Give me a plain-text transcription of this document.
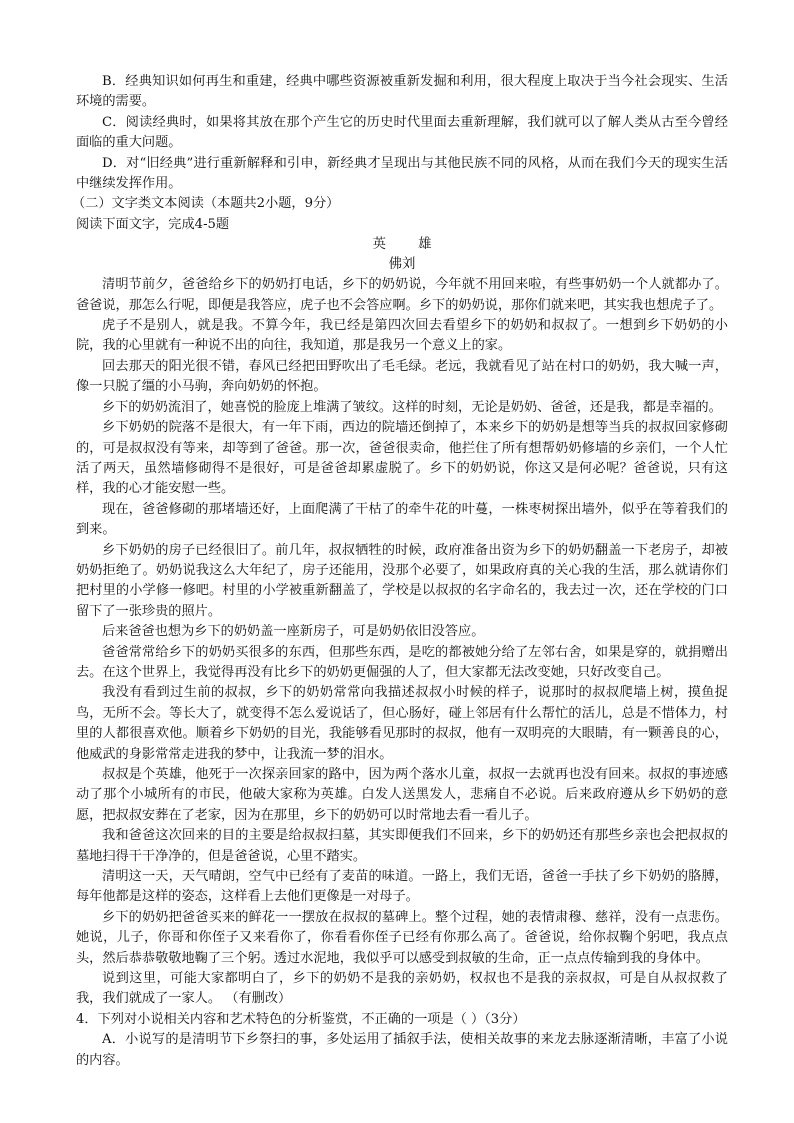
B．经典知识如何再生和重建，经典中哪些资源被重新发掘和利用，很大程度上取决于当今社会现实、生活环境的需要。

C．阅读经典时，如果将其放在那个产生它的历史时代里面去重新理解，我们就可以了解人类从古至今曾经面临的重大问题。

D．对“旧经典”进行重新解释和引申，新经典才呈现出与其他民族不同的风格，从而在我们今天的现实生活中继续发挥作用。

（二）文字类文本阅读（本题共2小题，9分）

阅读下面文字，完成4-5题

英 雄

佛刘

清明节前夕，爸爸给乡下的奶奶打电话，乡下的奶奶说，今年就不用回来啦，有些事奶奶一个人就都办了。爸爸说，那怎么行呢，即便是我答应，虎子也不会答应啊。乡下的奶奶说，那你们就来吧，其实我也想虎子了。

虎子不是别人，就是我。不算今年，我已经是第四次回去看望乡下的奶奶和叔叔了。一想到乡下奶奶的小院，我的心里就有一种说不出的向往，我知道，那是我另一个意义上的家。

回去那天的阳光很不错，春风已经把田野吹出了毛毛绿。老远，我就看见了站在村口的奶奶，我大喊一声，像一只脱了缰的小马驹，奔向奶奶的怀抱。

乡下的奶奶流泪了，她喜悦的脸庞上堆满了皱纹。这样的时刻，无论是奶奶、爸爸，还是我，都是幸福的。

乡下奶奶的院落不是很大，有一年下雨，西边的院墙还倒掉了，本来乡下的奶奶是想等当兵的叔叔回家修砌的，可是叔叔没有等来，却等到了爸爸。那一次，爸爸很卖命，他拦住了所有想帮奶奶修墙的乡亲们，一个人忙活了两天，虽然墙修砌得不是很好，可是爸爸却累虚脱了。乡下的奶奶说，你这又是何必呢？爸爸说，只有这样，我的心才能安慰一些。

现在，爸爸修砌的那堵墙还好，上面爬满了干枯了的牵牛花的叶蔓，一株枣树探出墙外，似乎在等着我们的到来。

乡下奶奶的房子已经很旧了。前几年，叔叔牺牲的时候，政府准备出资为乡下的奶奶翻盖一下老房子，却被奶奶拒绝了。奶奶说我这么大年纪了，房子还能用，没那个必要了，如果政府真的关心我的生活，那么就请你们把村里的小学修一修吧。村里的小学被重新翻盖了，学校是以叔叔的名字命名的，我去过一次，还在学校的门口留下了一张珍贵的照片。

后来爸爸也想为乡下的奶奶盖一座新房子，可是奶奶依旧没答应。

爸爸常常给乡下的奶奶买很多的东西，但那些东西，是吃的都被她分给了左邻右舍，如果是穿的，就捐赠出去。在这个世界上，我觉得再没有比乡下的奶奶更倔强的人了，但大家都无法改变她，只好改变自己。

我没有看到过生前的叔叔，乡下的奶奶常常向我描述叔叔小时候的样子，说那时的叔叔爬墙上树，摸鱼捉鸟，无所不会。等长大了，就变得不怎么爱说话了，但心肠好，碰上邻居有什么帮忙的活儿，总是不惜体力，村里的人都很喜欢他。顺着乡下奶奶的目光，我能够看见那时的叔叔，他有一双明亮的大眼睛，有一颗善良的心，他威武的身影常常走进我的梦中，让我流一梦的泪水。

叔叔是个英雄，他死于一次探亲回家的路中，因为两个落水儿童，叔叔一去就再也没有回来。叔叔的事迹感动了那个小城所有的市民，他破大家称为英雄。白发人送黑发人，悲痛自不必说。后来政府遵从乡下奶奶的意愿，把叔叔安葬在了老家，因为在那里，乡下的奶奶可以时常地去看一看儿子。

我和爸爸这次回来的目的主要是给叔叔扫墓，其实即便我们不回来，乡下的奶奶还有那些乡亲也会把叔叔的墓地扫得干干净净的，但是爸爸说，心里不踏实。

清明这一天，天气晴朗，空气中已经有了麦苗的味道。一路上，我们无语，爸爸一手扶了乡下奶奶的胳膊，每年他都是这样的姿态，这样看上去他们更像是一对母子。

乡下的奶奶把爸爸买来的鲜花一一摆放在叔叔的墓碑上。整个过程，她的表情肃穆、慈祥，没有一点悲伤。她说，儿子，你哥和你侄子又来看你了，你看看你侄子已经有你那么高了。爸爸说，给你叔鞠个躬吧，我点点头，然后恭恭敬敬地鞠了三个躬。透过水泥地，我似乎可以感受到叔敏的生命，正一点点传输到我的身体中。

说到这里，可能大家都明白了，乡下的奶奶不是我的亲奶奶，权叔也不是我的亲叔叔，可是自从叔叔救了我，我们就成了一家人。 （有删改）

4．下列对小说相关内容和艺术特色的分析鉴赏，不正确的一项是（ ）（3分）

A．小说写的是清明节下乡祭扫的事，多处运用了插叙手法，使相关故事的来龙去脉逐渐清晰，丰富了小说的内容。
